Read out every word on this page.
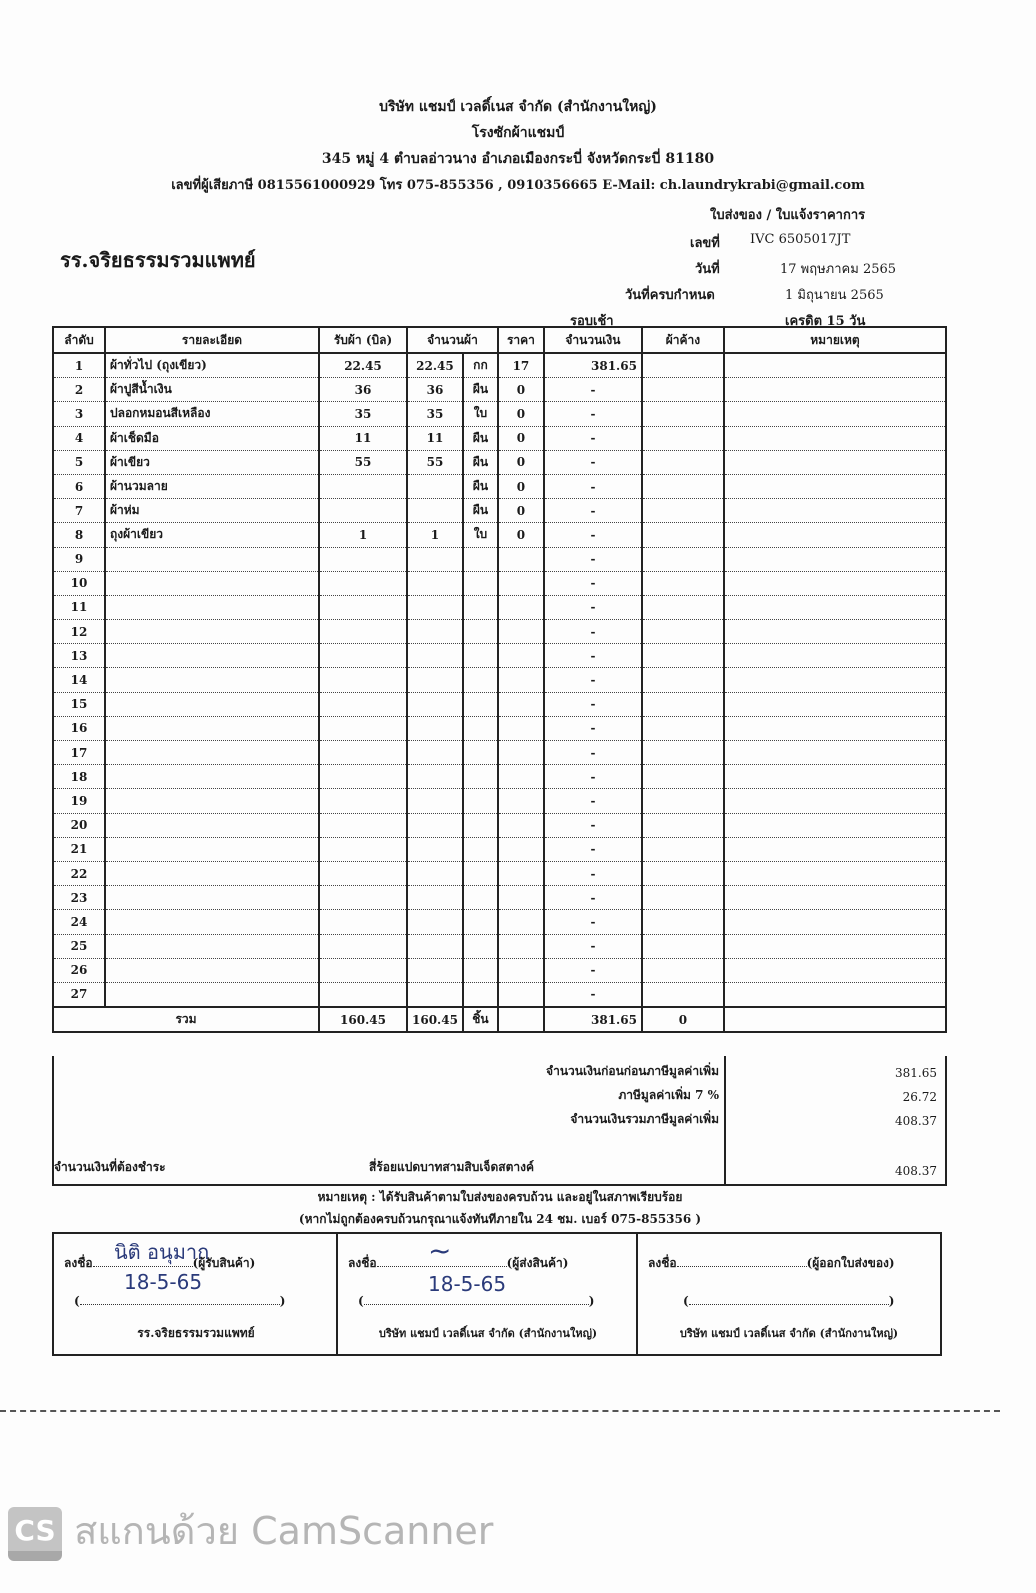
บริษัท แชมป์ เวลดิ์เนส จำกัด (สำนักงานใหญ่)
โรงซักผ้าแชมป์
345 หมู่ 4 ตำบลอ่าวนาง อำเภอเมืองกระบี่ จังหวัดกระบี่ 81180
เลขที่ผู้เสียภาษี 0815561000929 โทร 075-855356 , 0910356665 E-Mail: ch.laundrykrabi@gmail.com
ใบส่งของ / ใบแจ้งราคาการ
เลขที่ IVC 6505017JT
วันที่	17 พฤษภาคม 2565
วันที่ครบกำหนด	1 มิถุนายน 2565
รอบเช้า	เครดิต 15 วัน
รร.จริยธรรมรวมแพทย์
ลำดับ	รายละเอียด	รับผ้า (บิล)	จำนวนผ้า		ราคา	จำนวนเงิน	ผ้าค้าง	หมายเหตุ
1	ผ้าทั่วไป (ถุงเขียว)	22.45	22.45	กก	17	381.65		
2	ผ้าปูสีน้ำเงิน	36	36	ผืน	0	-		
3	ปลอกหมอนสีเหลือง	35	35	ใบ	0	-		
4	ผ้าเช็ดมือ	11	11	ผืน	0	-		
5	ผ้าเขียว	55	55	ผืน	0	-		
6	ผ้านวมลาย			ผืน	0	-		
7	ผ้าห่ม			ผืน	0	-		
8	ถุงผ้าเขียว	1	1	ใบ	0	-		
9						-		
10						-		
11						-		
12						-		
13						-		
14						-		
15						-		
16						-		
17						-		
18						-		
19						-		
20						-		
21						-		
22						-		
23						-		
24						-		
25						-		
26						-		
27						-		
รวม		160.45	160.45	ชิ้น		381.65	0	
จำนวนเงินก่อนก่อนภาษีมูลค่าเพิ่ม	381.65
ภาษีมูลค่าเพิ่ม 7 %	26.72
จำนวนเงินรวมภาษีมูลค่าเพิ่ม	408.37
จำนวนเงินที่ต้องชำระ	สี่ร้อยแปดบาทสามสิบเจ็ดสตางค์	408.37
หมายเหตุ : ได้รับสินค้าตามใบส่งของครบถ้วน และอยู่ในสภาพเรียบร้อย
(หากไม่ถูกต้องครบถ้วนกรุณาแจ้งทันทีภายใน 24 ชม. เบอร์ 075-855356 )
ลงชื่อ	(ผู้รับสินค้า)
นิติ อนุมาก
18-5-65
(	)
รร.จริยธรรมรวมแพทย์
ลงชื่อ	(ผู้ส่งสินค้า)
~
18-5-65
(	)
บริษัท แชมป์ เวลดิ์เนส จำกัด (สำนักงานใหญ่)
ลงชื่อ	(ผู้ออกใบส่งของ)
(	)
บริษัท แชมป์ เวลดิ์เนส จำกัด (สำนักงานใหญ่)
CS สแกนด้วย CamScanner
